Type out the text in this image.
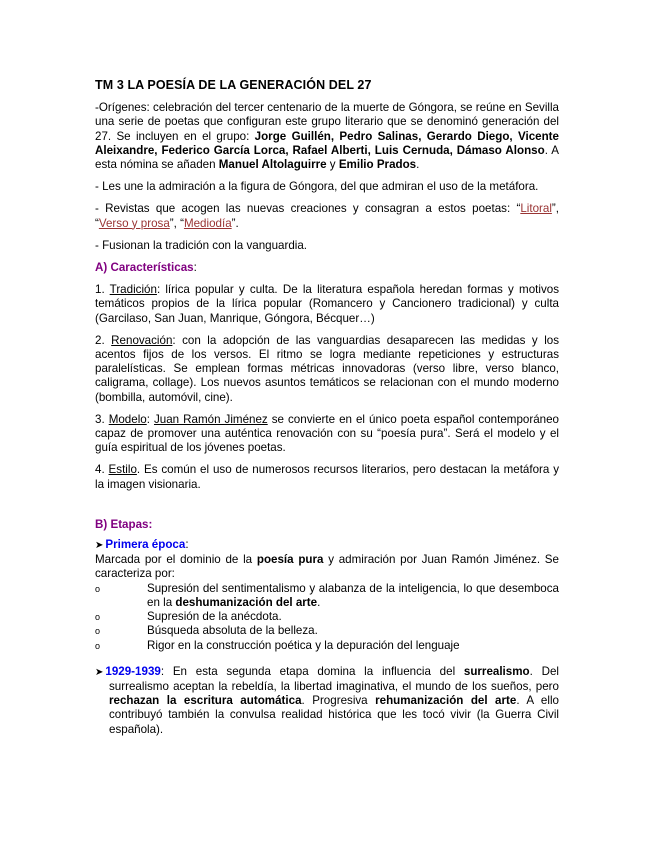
TM 3 LA POESÍA DE LA GENERACIÓN DEL 27

-Orígenes: celebración del tercer centenario de la muerte de Góngora, se reúne en Sevilla una serie de poetas que configuran este grupo literario que se denominó generación del 27. Se incluyen en el grupo: Jorge Guillén, Pedro Salinas, Gerardo Diego, Vicente Aleixandre, Federico García Lorca, Rafael Alberti, Luis Cernuda, Dámaso Alonso. A esta nómina se añaden Manuel Altolaguirre y Emilio Prados.

- Les une la admiración a la figura de Góngora, del que admiran el uso de la metáfora.

- Revistas que acogen las nuevas creaciones y consagran a estos poetas: “Litoral”, “Verso y prosa”, “Mediodía”.

- Fusionan la tradición con la vanguardia.

A) Características:

1. Tradición: lírica popular y culta. De la literatura española heredan formas y motivos temáticos propios de la lírica popular (Romancero y Cancionero tradicional) y culta (Garcilaso, San Juan, Manrique, Góngora, Bécquer…)

2. Renovación: con la adopción de las vanguardias desaparecen las medidas y los acentos fijos de los versos. El ritmo se logra mediante repeticiones y estructuras paralelísticas. Se emplean formas métricas innovadoras (verso libre, verso blanco, caligrama, collage). Los nuevos asuntos temáticos se relacionan con el mundo moderno (bombilla, automóvil, cine).

3. Modelo: Juan Ramón Jiménez se convierte en el único poeta español contemporáneo capaz de promover una auténtica renovación con su “poesía pura”. Será el modelo y el guía espiritual de los jóvenes poetas.

4. Estilo. Es común el uso de numerosos recursos literarios, pero destacan la metáfora y la imagen visionaria.

B) Etapas:

➤ Primera época:

Marcada por el dominio de la poesía pura y admiración por Juan Ramón Jiménez. Se caracteriza por:

o	Supresión del sentimentalismo y alabanza de la inteligencia, lo que desemboca en la deshumanización del arte.
o	Supresión de la anécdota.
o	Búsqueda absoluta de la belleza.
o	Rigor en la construcción poética y la depuración del lenguaje

➤ 1929-1939: En esta segunda etapa domina la influencia del surrealismo. Del surrealismo aceptan la rebeldía, la libertad imaginativa, el mundo de los sueños, pero rechazan la escritura automática. Progresiva rehumanización del arte. A ello contribuyó también la convulsa realidad histórica que les tocó vivir (la Guerra Civil española).
